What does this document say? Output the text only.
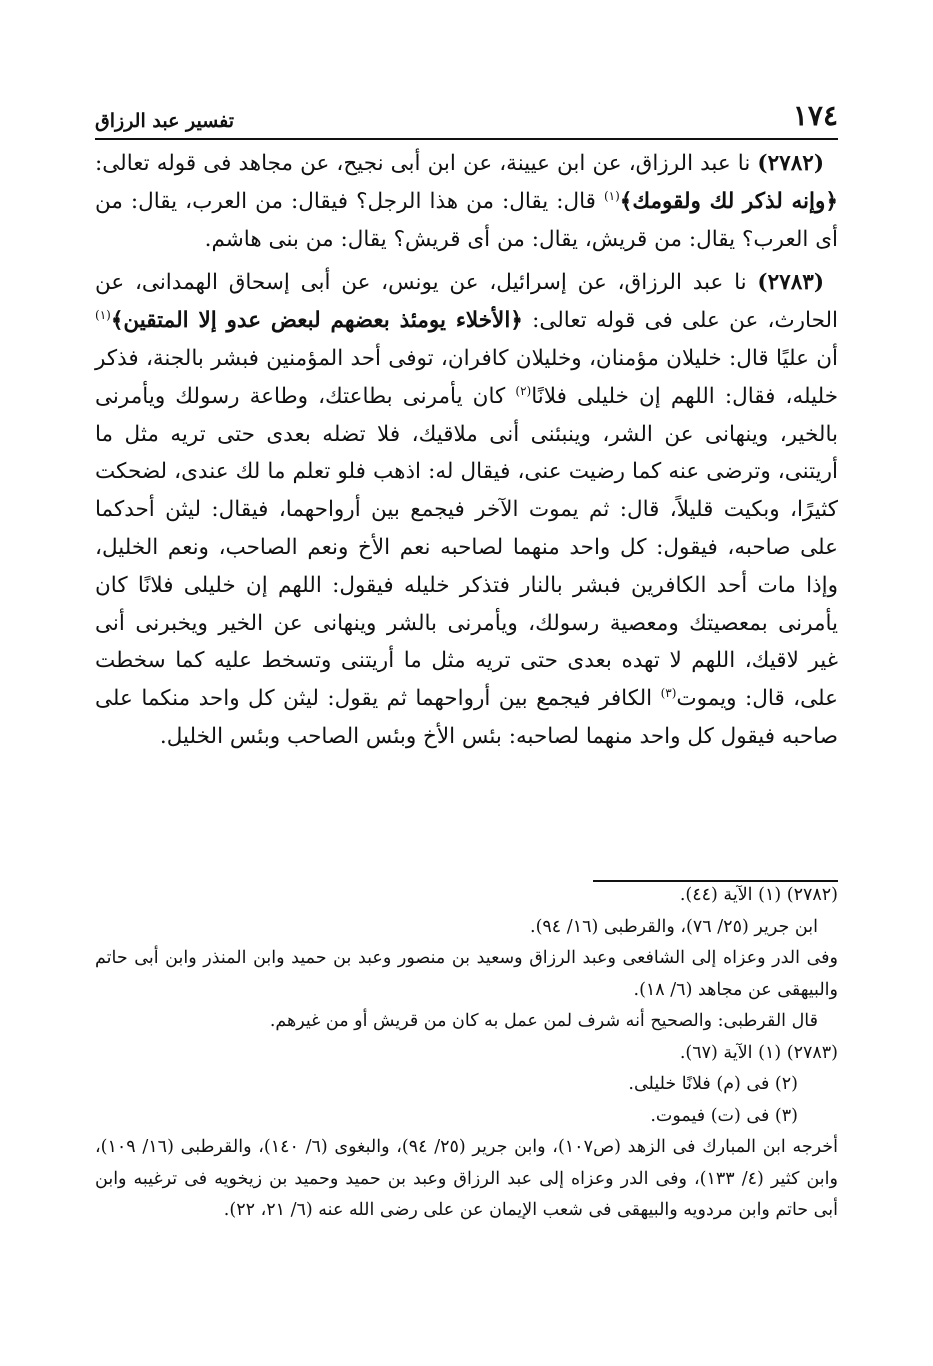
١٧٤
تفسير عبد الرزاق

(٢٧٨٢) نا عبد الرزاق، عن ابن عيينة، عن ابن أبى نجيح، عن مجاهد فى قوله تعالى: ﴿وإنه لذكر لك ولقومك﴾$^{(١)}$ قال: يقال: من هذا الرجل؟ فيقال: من العرب، يقال: من أى العرب؟ يقال: من قريش، يقال: من أى قريش؟ يقال: من بنى هاشم.

(٢٧٨٣) نا عبد الرزاق، عن إسرائيل، عن يونس، عن أبى إسحاق الهمدانى، عن الحارث، عن على فى قوله تعالى: ﴿الأخلاء يومئذ بعضهم لبعض عدو إلا المتقين﴾$^{(١)}$ أن عليًا قال: خليلان مؤمنان، وخليلان كافران، توفى أحد المؤمنين فبشر بالجنة، فذكر خليله، فقال: اللهم إن خليلى فلانًا$^{(٢)}$ كان يأمرنى بطاعتك، وطاعة رسولك ويأمرنى بالخير، وينهانى عن الشر، وينبئنى أنى ملاقيك، فلا تضله بعدى حتى تريه مثل ما أريتنى، وترضى عنه كما رضيت عنى، فيقال له: اذهب فلو تعلم ما لك عندى، لضحكت كثيرًا، وبكيت قليلاً، قال: ثم يموت الآخر فيجمع بين أرواحهما، فيقال: ليثن أحدكما على صاحبه، فيقول: كل واحد منهما لصاحبه نعم الأخ ونعم الصاحب، ونعم الخليل، وإذا مات أحد الكافرين فبشر بالنار فتذكر خليله فيقول: اللهم إن خليلى فلانًا كان يأمرنى بمعصيتك ومعصية رسولك، ويأمرنى بالشر وينهانى عن الخير ويخبرنى أنى غير لاقيك، اللهم لا تهده بعدى حتى تريه مثل ما أريتنى وتسخط عليه كما سخطت على، قال: ويموت$^{(٣)}$ الكافر فيجمع بين أرواحهما ثم يقول: ليثن كل واحد منكما على صاحبه فيقول كل واحد منهما لصاحبه: بئس الأخ وبئس الصاحب وبئس الخليل.

(٢٧٨٢) (١) الآية (٤٤).

ابن جرير (٢٥/ ٧٦)، والقرطبى (١٦/ ٩٤).

وفى الدر وعزاه إلى الشافعى وعبد الرزاق وسعيد بن منصور وعبد بن حميد وابن المنذر وابن أبى حاتم والبيهقى عن مجاهد (٦/ ١٨).

قال القرطبى: والصحيح أنه شرف لمن عمل به كان من قريش أو من غيرهم.

(٢٧٨٣) (١) الآية (٦٧).

(٢) فى (م) فلانًا خليلى.

(٣) فى (ت) فيموت.

أخرجه ابن المبارك فى الزهد (ص١٠٧)، وابن جرير (٢٥/ ٩٤)، والبغوى (٦/ ١٤٠)، والقرطبى (١٦/ ١٠٩)، وابن كثير (٤/ ١٣٣)، وفى الدر وعزاه إلى عبد الرزاق وعبد بن حميد وحميد بن زيخويه فى ترغيبه وابن أبى حاتم وابن مردويه والبيهقى فى شعب الإيمان عن على رضى الله عنه (٦/ ٢١، ٢٢).
